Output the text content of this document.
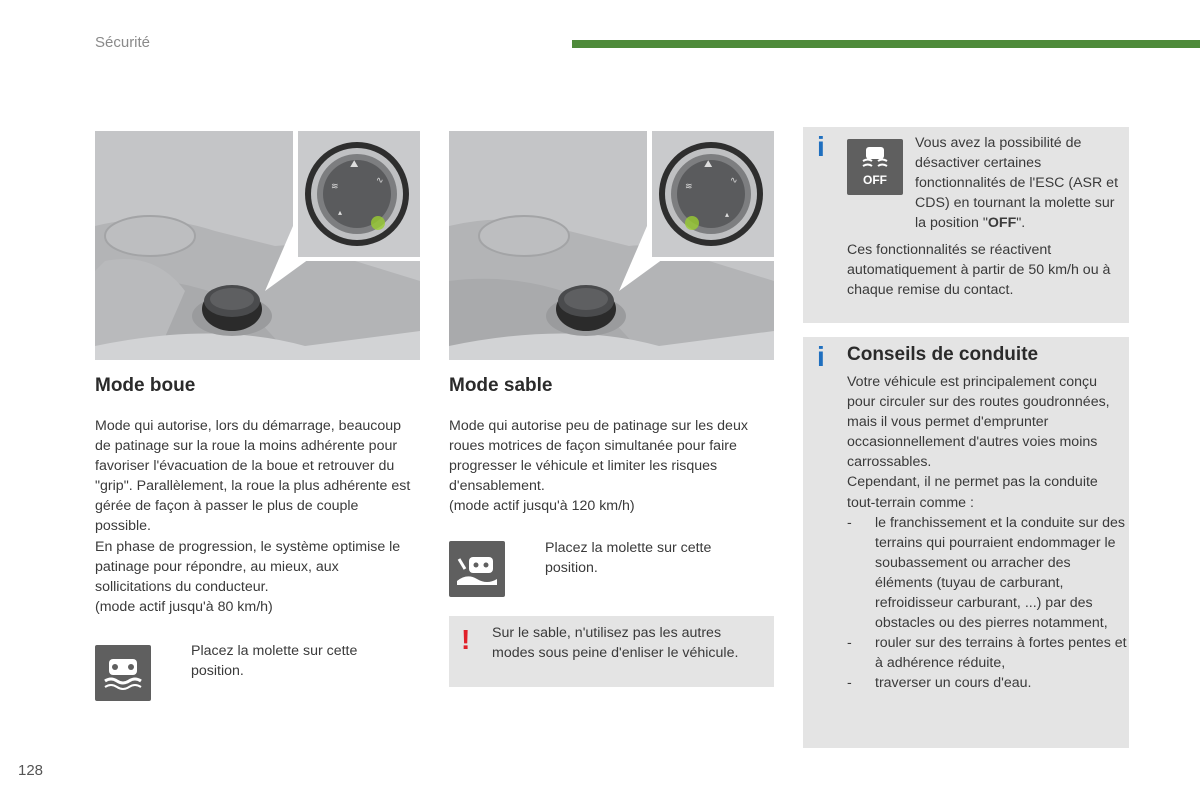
Sécurité
⛰
≋
∿
▴
Mode boue

Mode qui autorise, lors du démarrage, beaucoup de patinage sur la roue la moins adhérente pour favoriser l'évacuation de la boue et retrouver du "grip". Parallèlement, la roue la plus adhérente est gérée de façon à passer le plus de couple possible.

En phase de progression, le système optimise le patinage pour répondre, au mieux, aux sollicitations du conducteur.

(mode actif jusqu'à 80 km/h)

Placez la molette sur cette position.
⛰
≋
∿
▴
Mode sable

Mode qui autorise peu de patinage sur les deux roues motrices de façon simultanée pour faire progresser le véhicule et limiter les risques d'ensablement.

(mode actif jusqu'à 120 km/h)

Placez la molette sur cette position.
! Sur le sable, n'utilisez pas les autres modes sous peine d'enliser le véhicule.
i
OFF
Vous avez la possibilité de désactiver certaines fonctionnalités de l'ESC (ASR et CDS) en tournant la molette sur la position "OFF".
Ces fonctionnalités se réactivent automatiquement à partir de 50 km/h ou à chaque remise du contact.
i Conseils de conduite

Votre véhicule est principalement conçu pour circuler sur des routes goudronnées, mais il vous permet d'emprunter occasionnellement d'autres voies moins carrossables.

Cependant, il ne permet pas la conduite tout-terrain comme :

- le franchissement et la conduite sur des terrains qui pourraient endommager le soubassement ou arracher des éléments (tuyau de carburant, refroidisseur carburant, ...) par des obstacles ou des pierres notamment,
- rouler sur des terrains à fortes pentes et à adhérence réduite,
- traverser un cours d'eau.
128
